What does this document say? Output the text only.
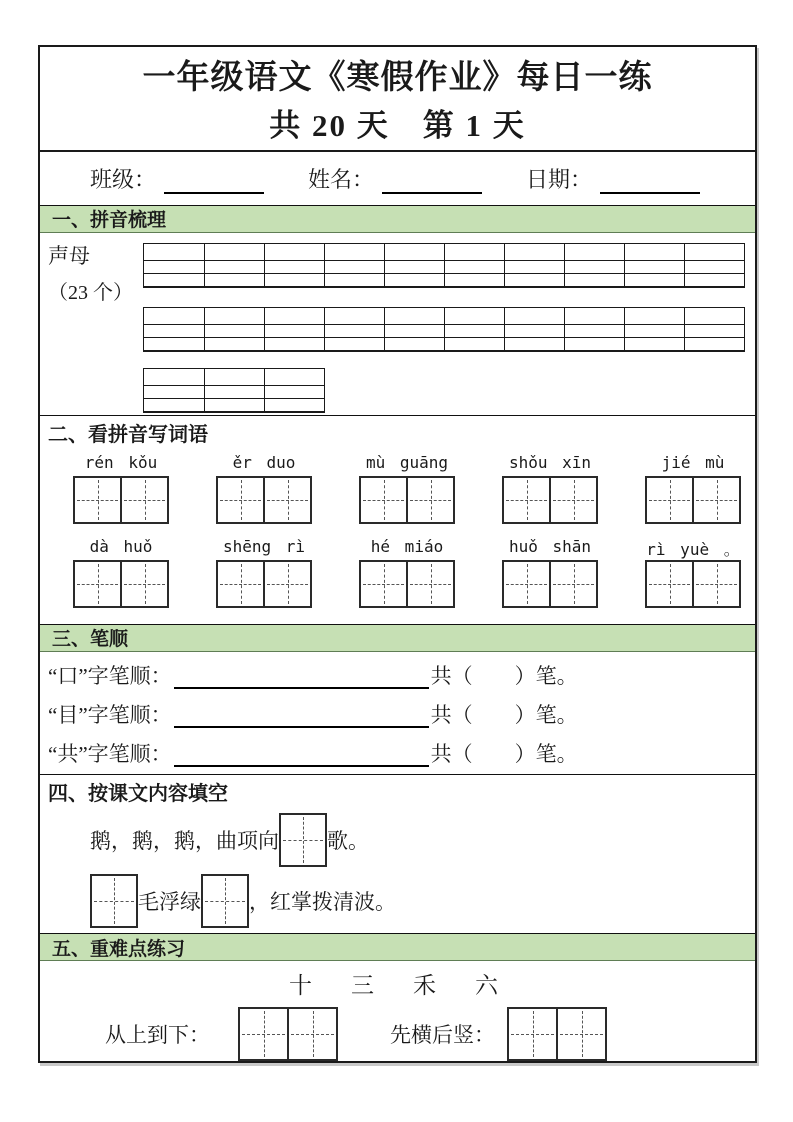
一年级语文《寒假作业》每日一练
共 20 天　第 1 天
班级：	姓名：	日期：
一、拼音梳理
声母
（23 个）
二、看拼音写词语
rén kǒu	ěr duo	mù guāng	shǒu xīn	jié mù
dà huǒ	shēng rì	hé miáo	huǒ shān	rì yuè 。
三、笔顺
“口”字笔顺：	共（　　）笔。
“目”字笔顺：	共（　　）笔。
“共”字笔顺：	共（　　）笔。
四、按课文内容填空
鹅，鹅，鹅，曲项向 歌。
毛浮绿 ，红掌拨清波。
五、重难点练习
十　三　禾　六
从上到下：	先横后竖：
